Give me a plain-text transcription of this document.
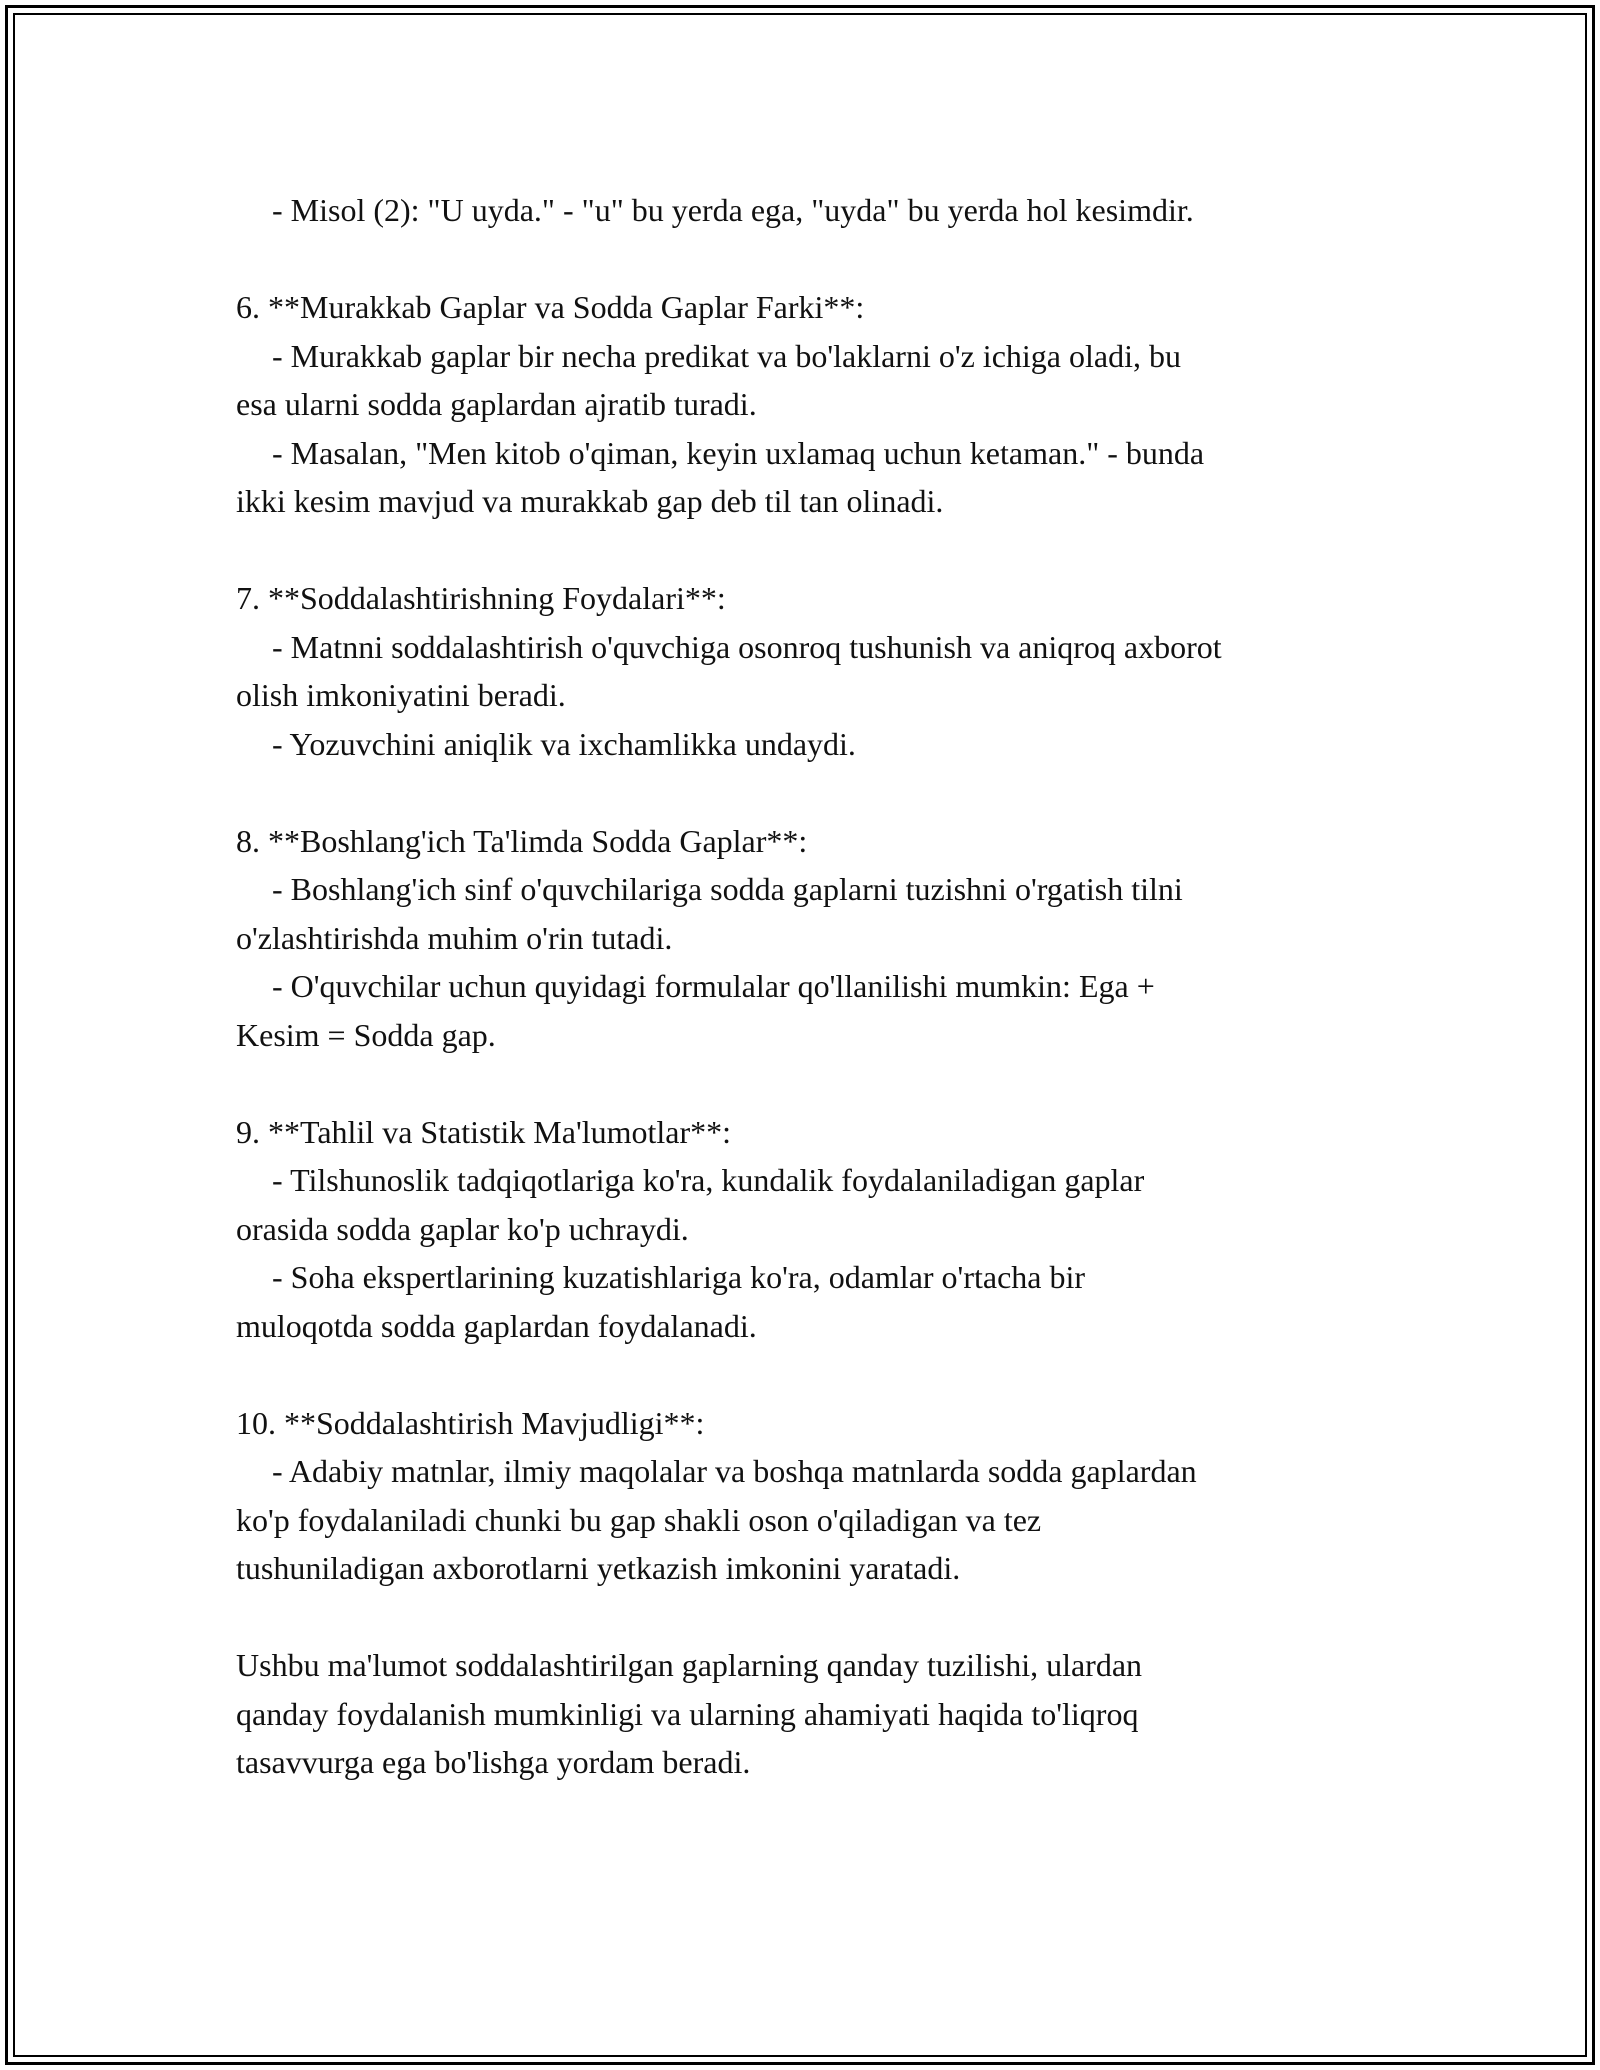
- Misol (2): "U uyda." - "u" bu yerda ega, "uyda" bu yerda hol kesimdir.
6. **Murakkab Gaplar va Sodda Gaplar Farki**:
- Murakkab gaplar bir necha predikat va bo'laklarni o'z ichiga oladi, bu
esa ularni sodda gaplardan ajratib turadi.
- Masalan, "Men kitob o'qiman, keyin uxlamaq uchun ketaman." - bunda
ikki kesim mavjud va murakkab gap deb til tan olinadi.
7. **Soddalashtirishning Foydalari**:
- Matnni soddalashtirish o'quvchiga osonroq tushunish va aniqroq axborot
olish imkoniyatini beradi.
- Yozuvchini aniqlik va ixchamlikka undaydi.
8. **Boshlang'ich Ta'limda Sodda Gaplar**:
- Boshlang'ich sinf o'quvchilariga sodda gaplarni tuzishni o'rgatish tilni
o'zlashtirishda muhim o'rin tutadi.
- O'quvchilar uchun quyidagi formulalar qo'llanilishi mumkin: Ega +
Kesim = Sodda gap.
9. **Tahlil va Statistik Ma'lumotlar**:
- Tilshunoslik tadqiqotlariga ko'ra, kundalik foydalaniladigan gaplar
orasida sodda gaplar ko'p uchraydi.
- Soha ekspertlarining kuzatishlariga ko'ra, odamlar o'rtacha bir
muloqotda sodda gaplardan foydalanadi.
10. **Soddalashtirish Mavjudligi**:
- Adabiy matnlar, ilmiy maqolalar va boshqa matnlarda sodda gaplardan
ko'p foydalaniladi chunki bu gap shakli oson o'qiladigan va tez
tushuniladigan axborotlarni yetkazish imkonini yaratadi.
Ushbu ma'lumot soddalashtirilgan gaplarning qanday tuzilishi, ulardan
qanday foydalanish mumkinligi va ularning ahamiyati haqida to'liqroq
tasavvurga ega bo'lishga yordam beradi.
